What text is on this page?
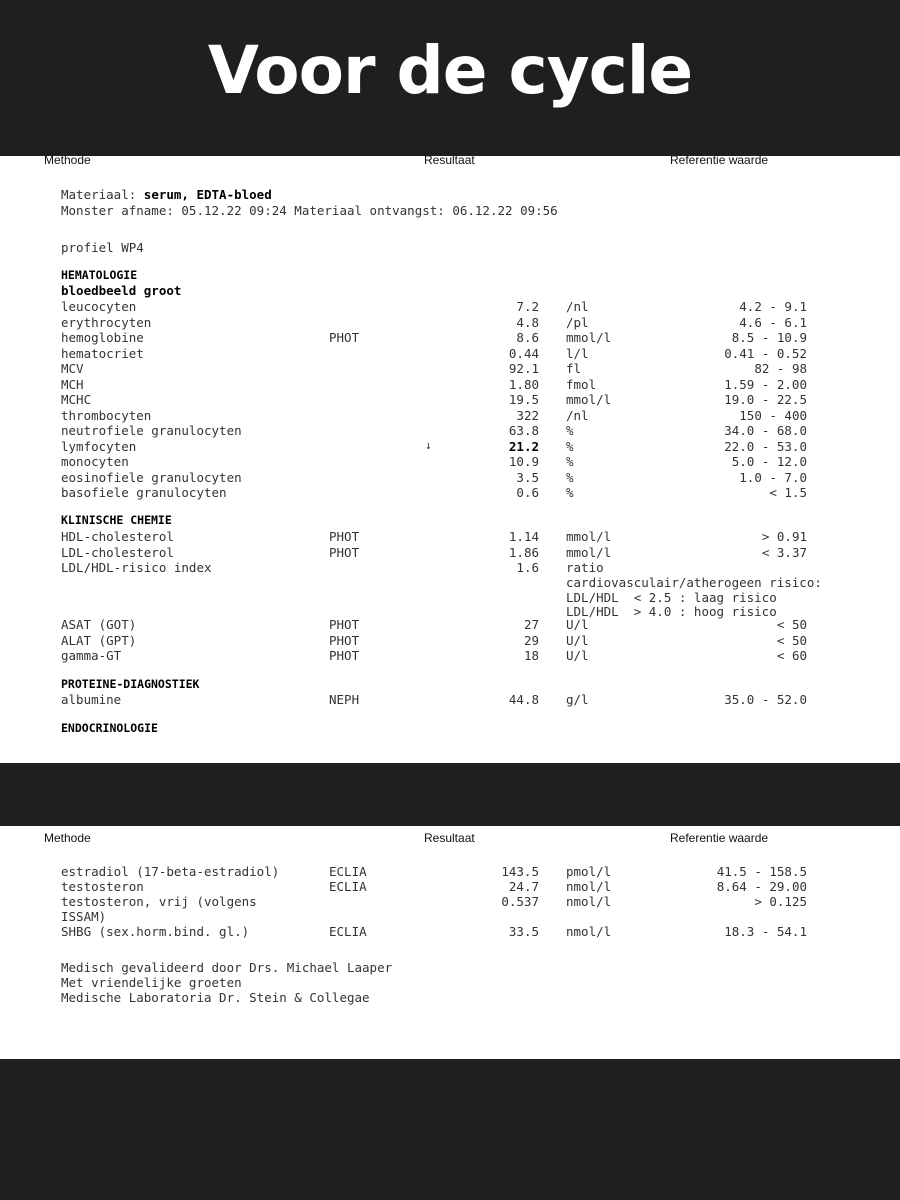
Voor de cycle
Methode	Resultaat	Referentie waarde
Materiaal: serum, EDTA-bloed
Monster afname: 05.12.22 09:24 Materiaal ontvangst: 06.12.22 09:56
profiel WP4
HEMATOLOGIE
bloedbeeld groot
leucocyten	7.2 /nl	4.2 - 9.1
erythrocyten	4.8 /pl	4.6 - 6.1
hemoglobine	PHOT	8.6 mmol/l	8.5 - 10.9
hematocriet	0.44 l/l	0.41 - 0.52
MCV	92.1 fl	82 - 98
MCH	1.80 fmol	1.59 - 2.00
MCHC	19.5 mmol/l	19.0 - 22.5
thrombocyten	322 /nl	150 - 400
neutrofiele granulocyten	63.8 %	34.0 - 68.0
lymfocyten	↓	21.2 %	22.0 - 53.0
monocyten	10.9 %	5.0 - 12.0
eosinofiele granulocyten	3.5 %	1.0 - 7.0
basofiele granulocyten	0.6 %	< 1.5
KLINISCHE CHEMIE
HDL-cholesterol	PHOT	1.14 mmol/l	> 0.91
LDL-cholesterol	PHOT	1.86 mmol/l	< 3.37
LDL/HDL-risico index	1.6 ratio
cardiovasculair/atherogeen risico:
LDL/HDL  < 2.5 : laag risico
LDL/HDL  > 4.0 : hoog risico
ASAT (GOT)	PHOT	27 U/l	< 50
ALAT (GPT)	PHOT	29 U/l	< 50
gamma-GT	PHOT	18 U/l	< 60
PROTEINE-DIAGNOSTIEK
albumine	NEPH	44.8 g/l	35.0 - 52.0
ENDOCRINOLOGIE
Methode	Resultaat	Referentie waarde
estradiol (17-beta-estradiol)	ECLIA	143.5 pmol/l	41.5 - 158.5
testosteron	ECLIA	24.7 nmol/l	8.64 - 29.00
testosteron, vrij (volgens	0.537 nmol/l	> 0.125
ISSAM)
SHBG (sex.horm.bind. gl.)	ECLIA	33.5 nmol/l	18.3 - 54.1
Medisch gevalideerd door Drs. Michael Laaper
Met vriendelijke groeten
Medische Laboratoria Dr. Stein & Collegae
